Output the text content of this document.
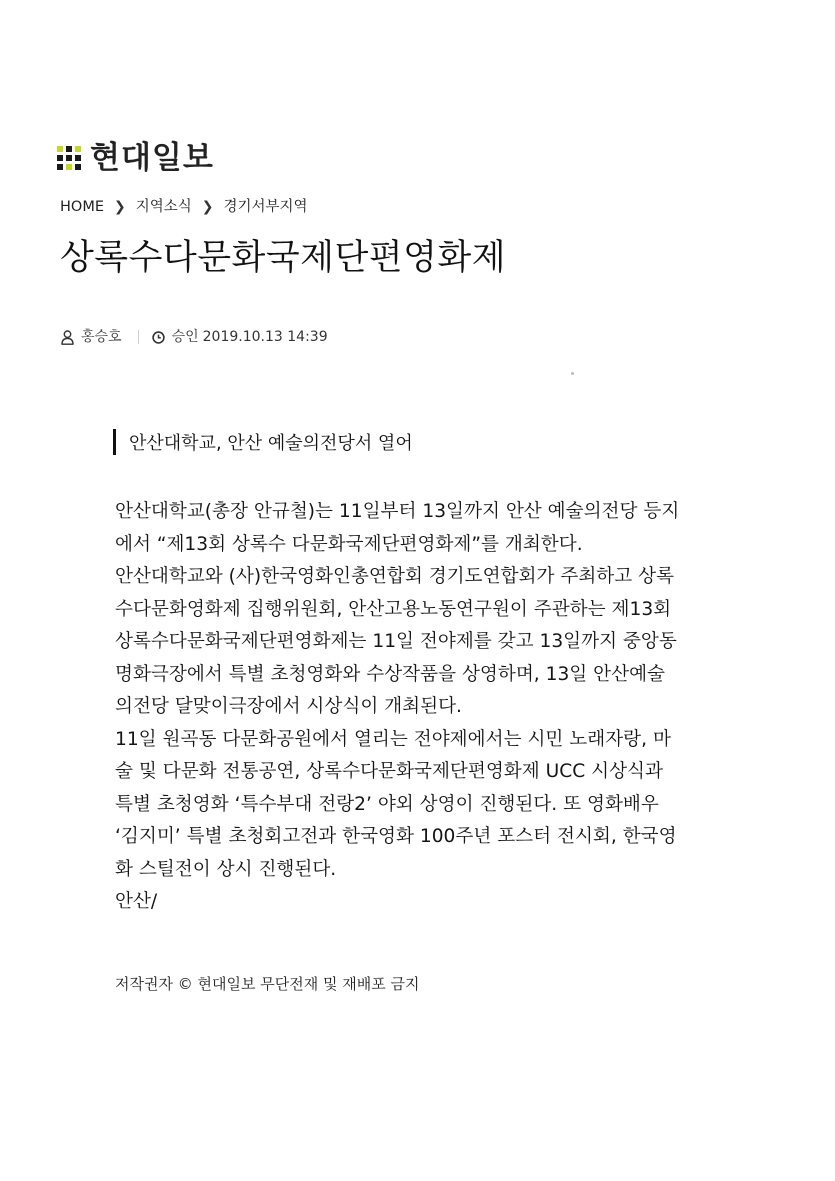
현대일보
HOME ❯ 지역소식 ❯ 경기서부지역
상록수다문화국제단편영화제
홍승호	승인 2019.10.13 14:39
안산대학교, 안산 예술의전당서 열어

안산대학교(총장 안규철)는 11일부터 13일까지 안산 예술의전당 등지

에서 “제13회 상록수 다문화국제단편영화제”를 개최한다.

안산대학교와 (사)한국영화인총연합회 경기도연합회가 주최하고 상록

수다문화영화제 집행위원회, 안산고용노동연구원이 주관하는 제13회

상록수다문화국제단편영화제는 11일 전야제를 갖고 13일까지 중앙동

명화극장에서 특별 초청영화와 수상작품을 상영하며, 13일 안산예술

의전당 달맞이극장에서 시상식이 개최된다.

11일 원곡동 다문화공원에서 열리는 전야제에서는 시민 노래자랑, 마

술 및 다문화 전통공연, 상록수다문화국제단편영화제 UCC 시상식과

특별 초청영화 ‘특수부대 전랑2’ 야외 상영이 진행된다. 또 영화배우

‘김지미’ 특별 초청회고전과 한국영화 100주년 포스터 전시회, 한국영

화 스틸전이 상시 진행된다.

안산/

저작권자 © 현대일보 무단전재 및 재배포 금지
